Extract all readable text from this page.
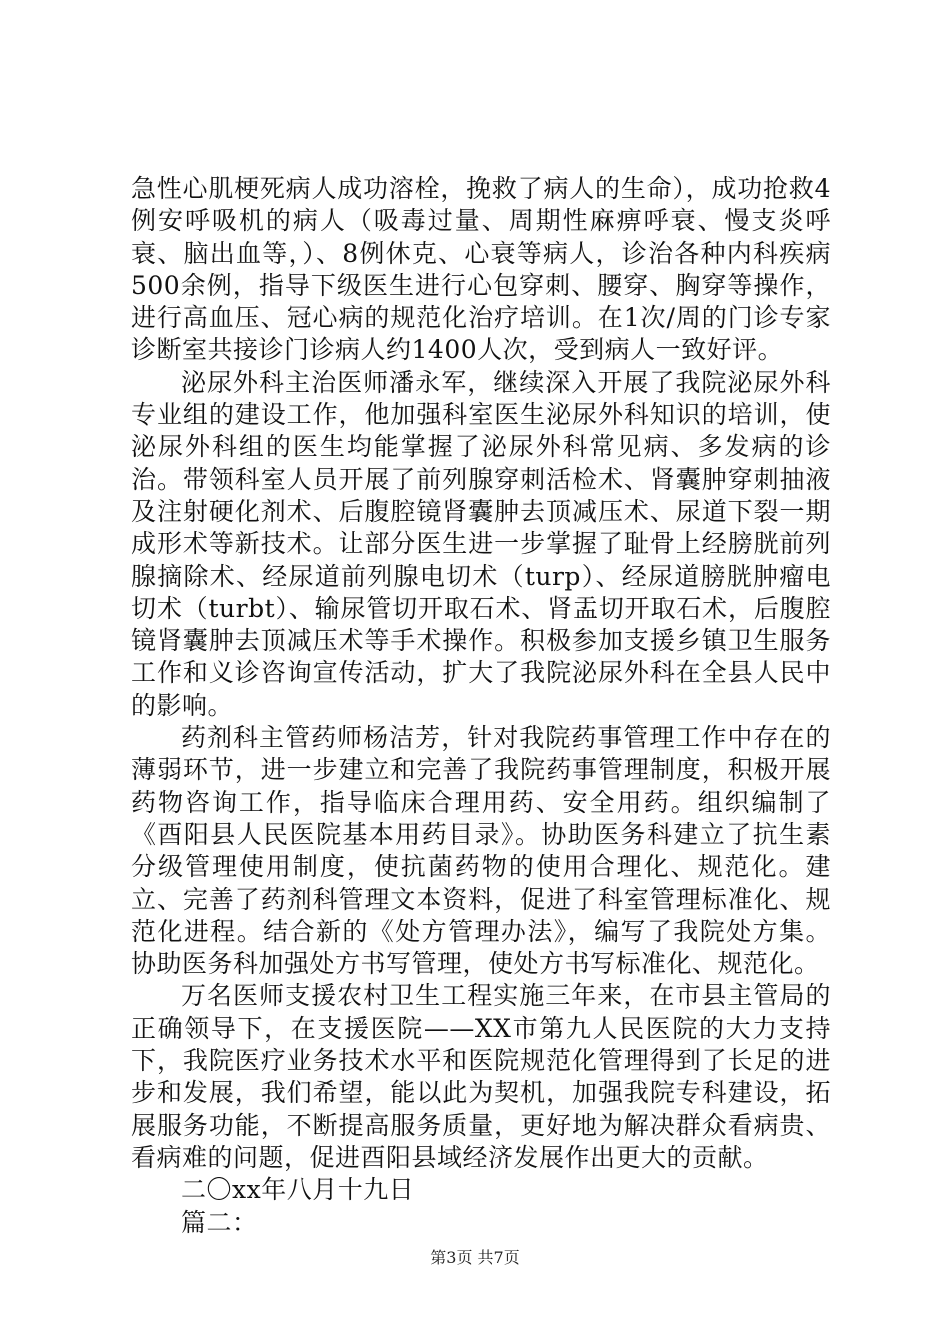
急性心肌梗死病人成功溶栓，挽救了病人的生命），成功抢救4例安呼吸机的病人（吸毒过量、周期性麻痹呼衰、慢支炎呼衰、脑出血等，）、8例休克、心衰等病人，诊治各种内科疾病500余例，指导下级医生进行心包穿刺、腰穿、胸穿等操作，进行高血压、冠心病的规范化治疗培训。在1次/周的门诊专家诊断室共接诊门诊病人约1400人次，受到病人一致好评。

泌尿外科主治医师潘永军，继续深入开展了我院泌尿外科专业组的建设工作，他加强科室医生泌尿外科知识的培训，使泌尿外科组的医生均能掌握了泌尿外科常见病、多发病的诊治。带领科室人员开展了前列腺穿刺活检术、肾囊肿穿刺抽液及注射硬化剂术、后腹腔镜肾囊肿去顶减压术、尿道下裂一期成形术等新技术。让部分医生进一步掌握了耻骨上经膀胱前列腺摘除术、经尿道前列腺电切术（turp）、经尿道膀胱肿瘤电切术（turbt）、输尿管切开取石术、肾盂切开取石术，后腹腔镜肾囊肿去顶减压术等手术操作。积极参加支援乡镇卫生服务工作和义诊咨询宣传活动，扩大了我院泌尿外科在全县人民中的影响。

药剂科主管药师杨洁芳，针对我院药事管理工作中存在的薄弱环节，进一步建立和完善了我院药事管理制度，积极开展药物咨询工作，指导临床合理用药、安全用药。组织编制了《酉阳县人民医院基本用药目录》。协助医务科建立了抗生素分级管理使用制度，使抗菌药物的使用合理化、规范化。建立、完善了药剂科管理文本资料，促进了科室管理标准化、规范化进程。结合新的《处方管理办法》，编写了我院处方集。协助医务科加强处方书写管理，使处方书写标准化、规范化。

万名医师支援农村卫生工程实施三年来，在市县主管局的正确领导下，在支援医院——XX市第九人民医院的大力支持下，我院医疗业务技术水平和医院规范化管理得到了长足的进步和发展，我们希望，能以此为契机，加强我院专科建设，拓展服务功能，不断提高服务质量，更好地为解决群众看病贵、看病难的问题，促进酉阳县域经济发展作出更大的贡献。

二〇xx年八月十九日

篇二：

第3页 共7页
